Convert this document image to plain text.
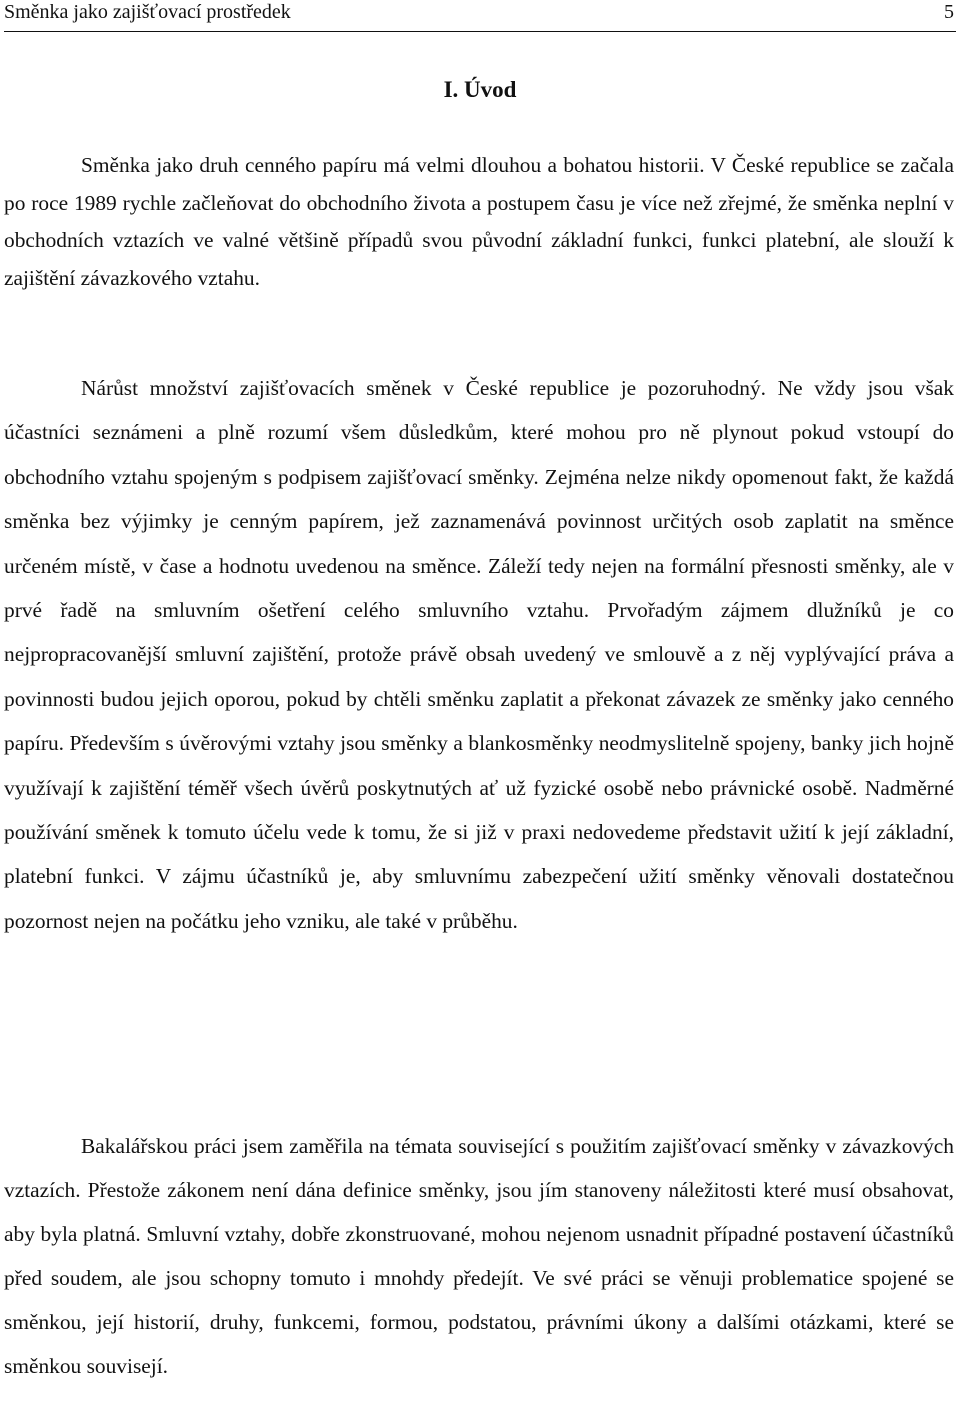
Směnka jako zajišťovací prostředek	5
I. Úvod

Směnka jako druh cenného papíru má velmi dlouhou a bohatou historii. V České republice se začala po roce 1989 rychle začleňovat do obchodního života a postupem času je více než zřejmé, že směnka neplní v obchodních vztazích ve valné většině případů svou původní základní funkci, funkci platební, ale slouží k zajištění závazkového vztahu.

Nárůst množství zajišťovacích směnek v České republice je pozoruhodný. Ne vždy jsou však účastníci seznámeni a plně rozumí všem důsledkům, které mohou pro ně plynout pokud vstoupí do obchodního vztahu spojeným s podpisem zajišťovací směnky. Zejména nelze nikdy opomenout fakt, že každá směnka bez výjimky je cenným papírem, jež zaznamenává povinnost určitých osob zaplatit na směnce určeném místě, v čase a hodnotu uvedenou na směnce. Záleží tedy nejen na formální přesnosti směnky, ale v prvé řadě na smluvním ošetření celého smluvního vztahu. Prvořadým zájmem dlužníků je co nejpropracovanější smluvní zajištění, protože právě obsah uvedený ve smlouvě a z něj vyplývající práva a povinnosti budou jejich oporou, pokud by chtěli směnku zaplatit a překonat závazek ze směnky jako cenného papíru. Především s úvěrovými vztahy jsou směnky a blankosměnky neodmyslitelně spojeny, banky jich hojně využívají k zajištění téměř všech úvěrů poskytnutých ať už fyzické osobě nebo právnické osobě. Nadměrné používání směnek k tomuto účelu vede k tomu, že si již v praxi nedovedeme představit užití k její základní, platební funkci. V zájmu účastníků je, aby smluvnímu zabezpečení užití směnky věnovali dostatečnou pozornost nejen na počátku jeho vzniku, ale také v průběhu.

Bakalářskou práci jsem zaměřila na témata související s použitím zajišťovací směnky v závazkových vztazích. Přestože zákonem není dána definice směnky, jsou jím stanoveny náležitosti které musí obsahovat, aby byla platná. Smluvní vztahy, dobře zkonstruované, mohou nejenom usnadnit případné postavení účastníků před soudem, ale jsou schopny tomuto i mnohdy předejít. Ve své práci se věnuji problematice spojené se směnkou, její historií, druhy, funkcemi, formou, podstatou, právními úkony a dalšími otázkami, které se směnkou souvisejí.
